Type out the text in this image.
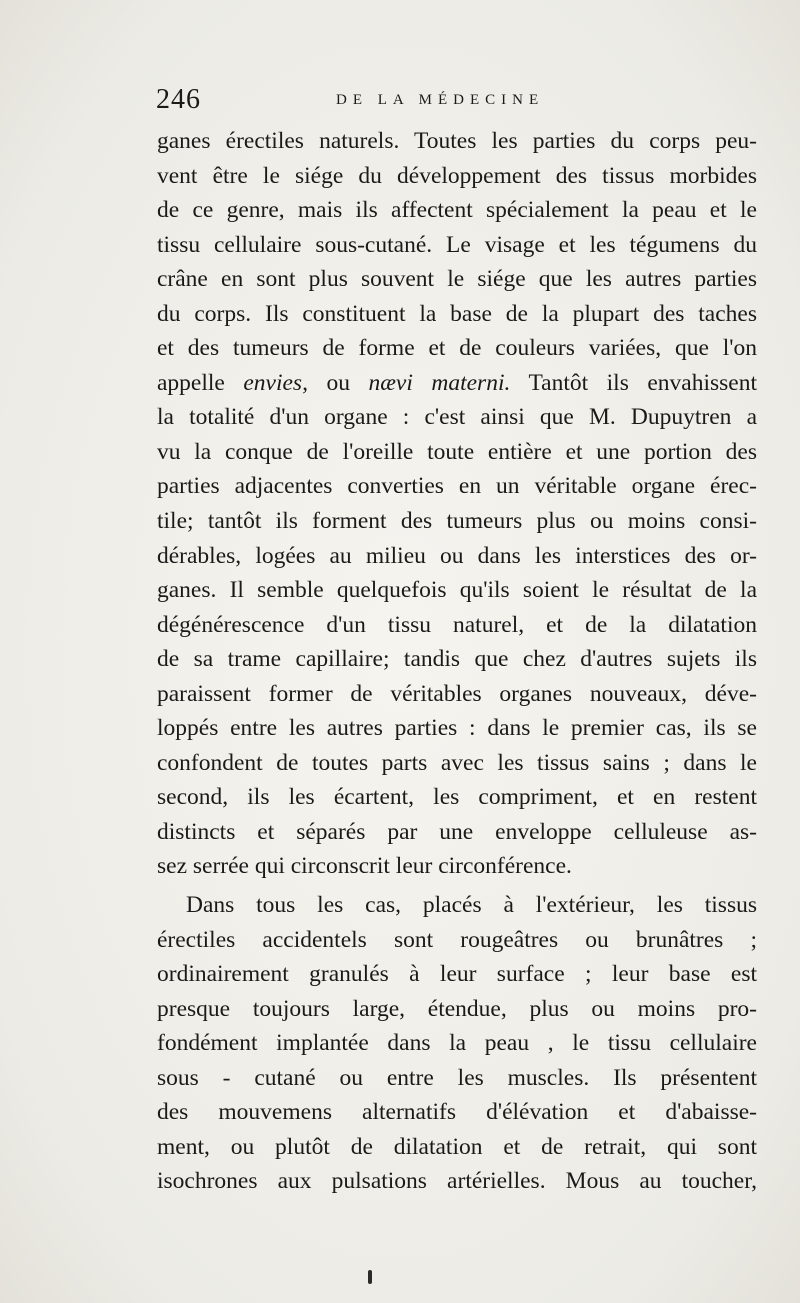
246	DE LA MÉDECINE
ganes érectiles naturels. Toutes les parties du corps peu-
vent être le siége du développement des tissus morbides
de ce genre, mais ils affectent spécialement la peau et le
tissu cellulaire sous-cutané. Le visage et les tégumens du
crâne en sont plus souvent le siége que les autres parties
du corps. Ils constituent la base de la plupart des taches
et des tumeurs de forme et de couleurs variées, que l'on
appelle envies, ou nævi materni. Tantôt ils envahissent
la totalité d'un organe : c'est ainsi que M. Dupuytren a
vu la conque de l'oreille toute entière et une portion des
parties adjacentes converties en un véritable organe érec-
tile; tantôt ils forment des tumeurs plus ou moins consi-
dérables, logées au milieu ou dans les interstices des or-
ganes. Il semble quelquefois qu'ils soient le résultat de la
dégénérescence d'un tissu naturel, et de la dilatation
de sa trame capillaire; tandis que chez d'autres sujets ils
paraissent former de véritables organes nouveaux, déve-
loppés entre les autres parties : dans le premier cas, ils se
confondent de toutes parts avec les tissus sains ; dans le
second, ils les écartent, les compriment, et en restent
distincts et séparés par une enveloppe celluleuse as-
sez serrée qui circonscrit leur circonférence.
Dans tous les cas, placés à l'extérieur, les tissus
érectiles accidentels sont rougeâtres ou brunâtres ;
ordinairement granulés à leur surface ; leur base est
presque toujours large, étendue, plus ou moins pro-
fondément implantée dans la peau , le tissu cellulaire
sous - cutané ou entre les muscles. Ils présentent
des mouvemens alternatifs d'élévation et d'abaisse-
ment, ou plutôt de dilatation et de retrait, qui sont
isochrones aux pulsations artérielles. Mous au toucher,
